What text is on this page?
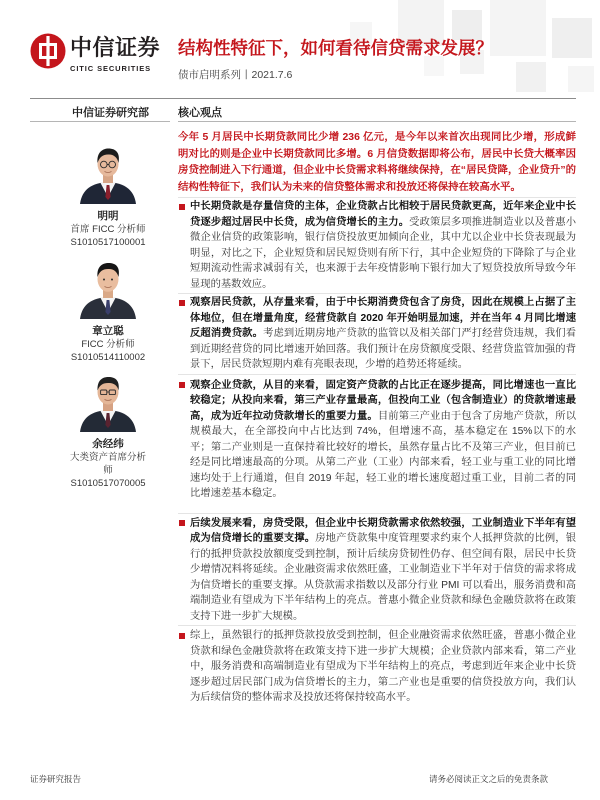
中信证券
CITIC SECURITIES
结构性特征下，如何看待信贷需求发展？
债市启明系列丨2021.7.6
中信证券研究部
明明
首席 FICC 分析师
S1010517100001
章立聪
FICC 分析师
S1010514110002
余经纬
大类资产首席分析师
S1010517070005
核心观点

今年 5 月居民中长期贷款同比少增 236 亿元，是今年以来首次出现同比少增，形成鲜明对比的则是企业中长期贷款同比多增。6 月信贷数据即将公布，居民中长贷大概率因房贷控制进入下行通道，但企业中长贷需求料将继续保持，在“居民贷降，企业贷升”的结构性特征下，我们认为未来的信贷整体需求和投放还将保持在较高水平。

中长期贷款是存量信贷的主体，企业贷款占比相较于居民贷款更高，近年来企业中长贷逐步超过居民中长贷，成为信贷增长的主力。受政策层多项推进制造业以及普惠小微企业信贷的政策影响，银行信贷投放更加倾向企业，其中尤以企业中长贷表现最为明显，对比之下，企业短贷和居民短贷则有所下行，其中企业短贷的下降除了与企业短期流动性需求减弱有关，也来源于去年疫情影响下银行加大了短贷投放所导致今年显现的基数效应。

观察居民贷款，从存量来看，由于中长期消费贷包含了房贷，因此在规模上占据了主体地位，但在增量角度，经营贷款自 2020 年开始明显加速，并在当年 4 月同比增速反超消费贷款。考虑到近期房地产贷款的监管以及相关部门严打经营贷违规，我们看到近期经营贷的同比增速开始回落。我们预计在房贷额度受限、经营贷监管加强的背景下，居民贷款短期内难有亮眼表现，少增的趋势还将延续。

观察企业贷款，从目的来看，固定资产贷款的占比正在逐步提高，同比增速也一直比较稳定；从投向来看，第三产业存量最高，但投向工业（包含制造业）的贷款增速最高，成为近年拉动贷款增长的重要力量。目前第三产业由于包含了房地产贷款，所以规模最大，在全部投向中占比达到 74%，但增速不高，基本稳定在 15%以下的水平；第二产业则是一直保持着比较好的增长，虽然存量占比不及第三产业，但目前已经是同比增速最高的分项。从第二产业（工业）内部来看，轻工业与重工业的同比增速均处于上行通道，但自 2019 年起，轻工业的增长速度超过重工业，目前二者的同比增速差基本稳定。

后续发展来看，房贷受限，但企业中长期贷款需求依然较强，工业制造业下半年有望成为信贷增长的重要支撑。房地产贷款集中度管理要求约束个人抵押贷款的比例，银行的抵押贷款投放额度受到控制，预计后续房贷韧性仍存、但空间有限，居民中长贷少增情况料将延续。企业融资需求依然旺盛，工业制造业下半年对于信贷的需求将成为信贷增长的重要支撑。从贷款需求指数以及部分行业 PMI 可以看出，服务消费和高端制造业有望成为下半年结构上的亮点。普惠小微企业贷款和绿色金融贷款将在政策支持下进一步扩大规模。

综上，虽然银行的抵押贷款投放受到控制，但企业融资需求依然旺盛，普惠小微企业贷款和绿色金融贷款将在政策支持下进一步扩大规模；企业贷款内部来看，第二产业中，服务消费和高端制造业有望成为下半年结构上的亮点，考虑到近年来企业中长贷逐步超过居民部门成为信贷增长的主力，第二产业也是重要的信贷投放方向，我们认为后续信贷的整体需求及投放还将保持较高水平。

证券研究报告	请务必阅读正文之后的免责条款
